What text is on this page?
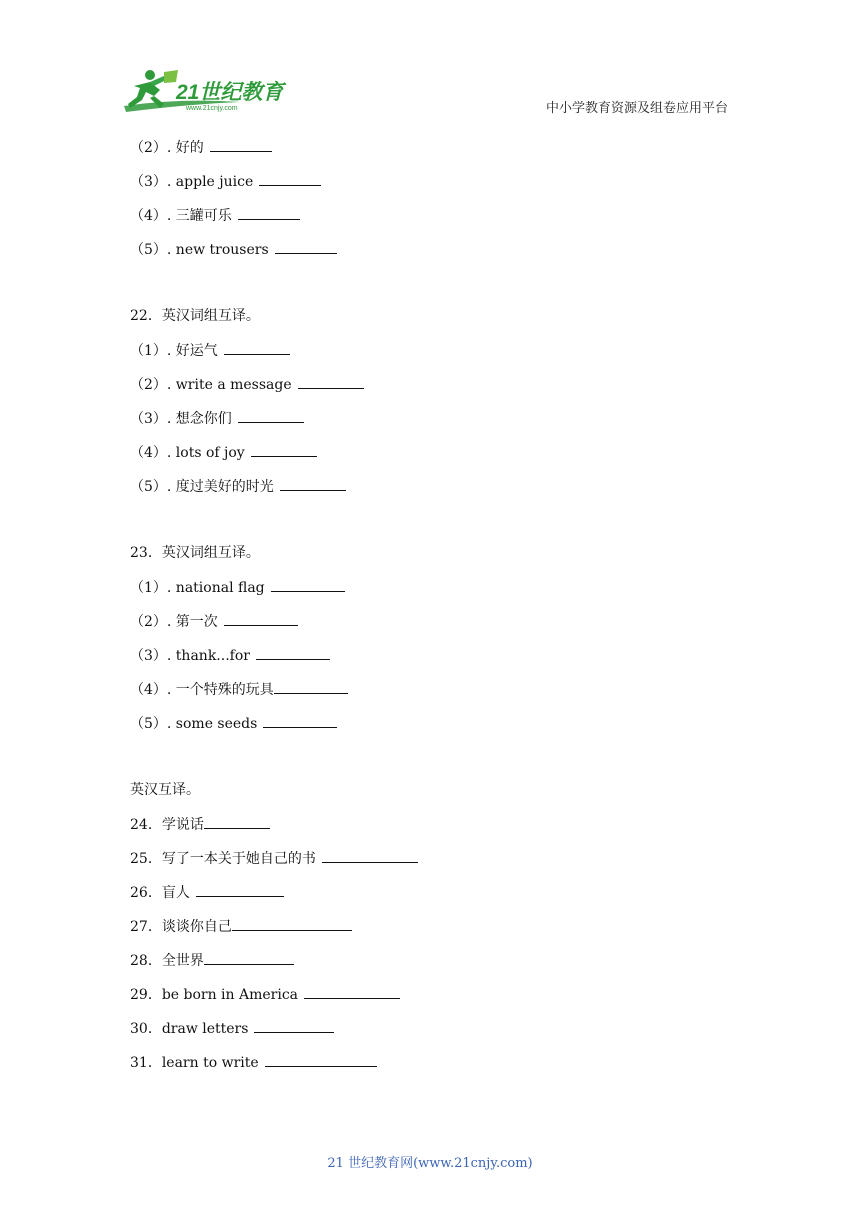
21世纪教育
www.21cnjy.com	中小学教育资源及组卷应用平台
（2）. 好的
（3）. apple juice
（4）. 三罐可乐
（5）. new trousers
22．英汉词组互译。
（1）. 好运气
（2）. write a message
（3）. 想念你们
（4）. lots of joy
（5）. 度过美好的时光
23．英汉词组互译。
（1）. national flag
（2）. 第一次
（3）. thank...for
（4）. 一个特殊的玩具
（5）. some seeds
英汉互译。
24．学说话
25．写了一本关于她自己的书
26．盲人
27．谈谈你自己
28．全世界
29．be born in America
30．draw letters
31．learn to write
21 世纪教育网(www.21cnjy.com)
